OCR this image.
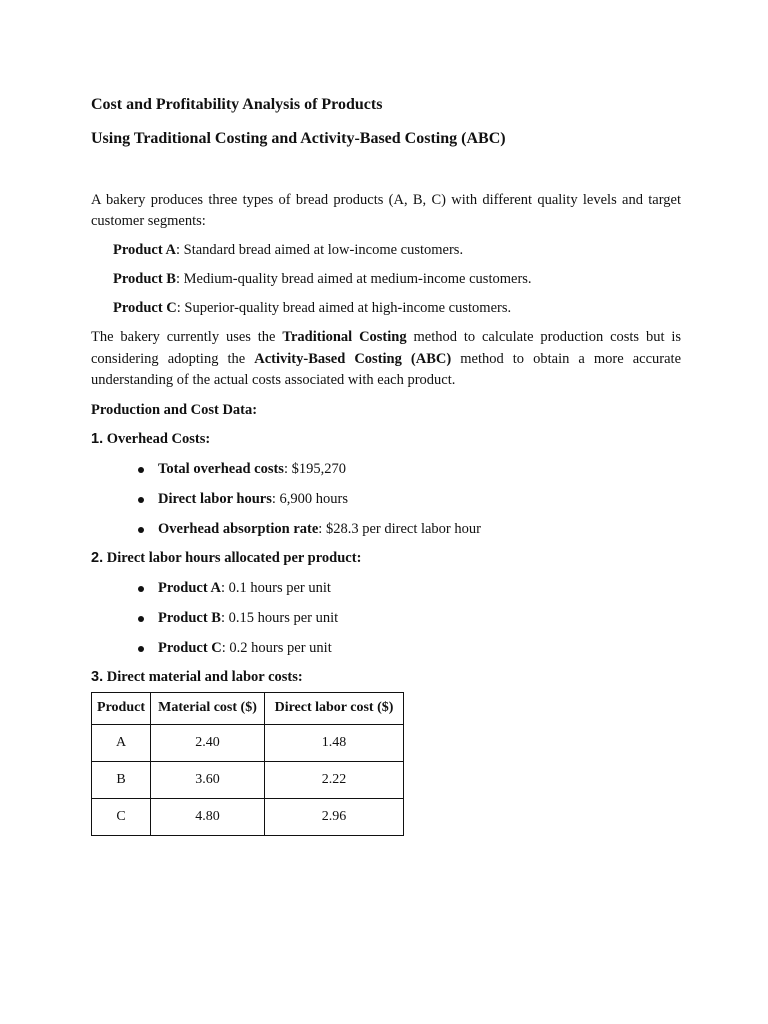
Cost and Profitability Analysis of Products

Using Traditional Costing and Activity-Based Costing (ABC)

A bakery produces three types of bread products (A, B, C) with different quality levels and target customer segments:
Product A: Standard bread aimed at low-income customers.
Product B: Medium-quality bread aimed at medium-income customers.
Product C: Superior-quality bread aimed at high-income customers.
The bakery currently uses the Traditional Costing method to calculate production costs but is considering adopting the Activity-Based Costing (ABC) method to obtain a more accurate understanding of the actual costs associated with each product.
Production and Cost Data:
1. Overhead Costs:
Total overhead costs: $195,270
Direct labor hours: 6,900 hours
Overhead absorption rate: $28.3 per direct labor hour
2. Direct labor hours allocated per product:
Product A: 0.1 hours per unit
Product B: 0.15 hours per unit
Product C: 0.2 hours per unit
3. Direct material and labor costs:
Product	Material cost ($)	Direct labor cost ($)
A	2.40	1.48
B	3.60	2.22
C	4.80	2.96
